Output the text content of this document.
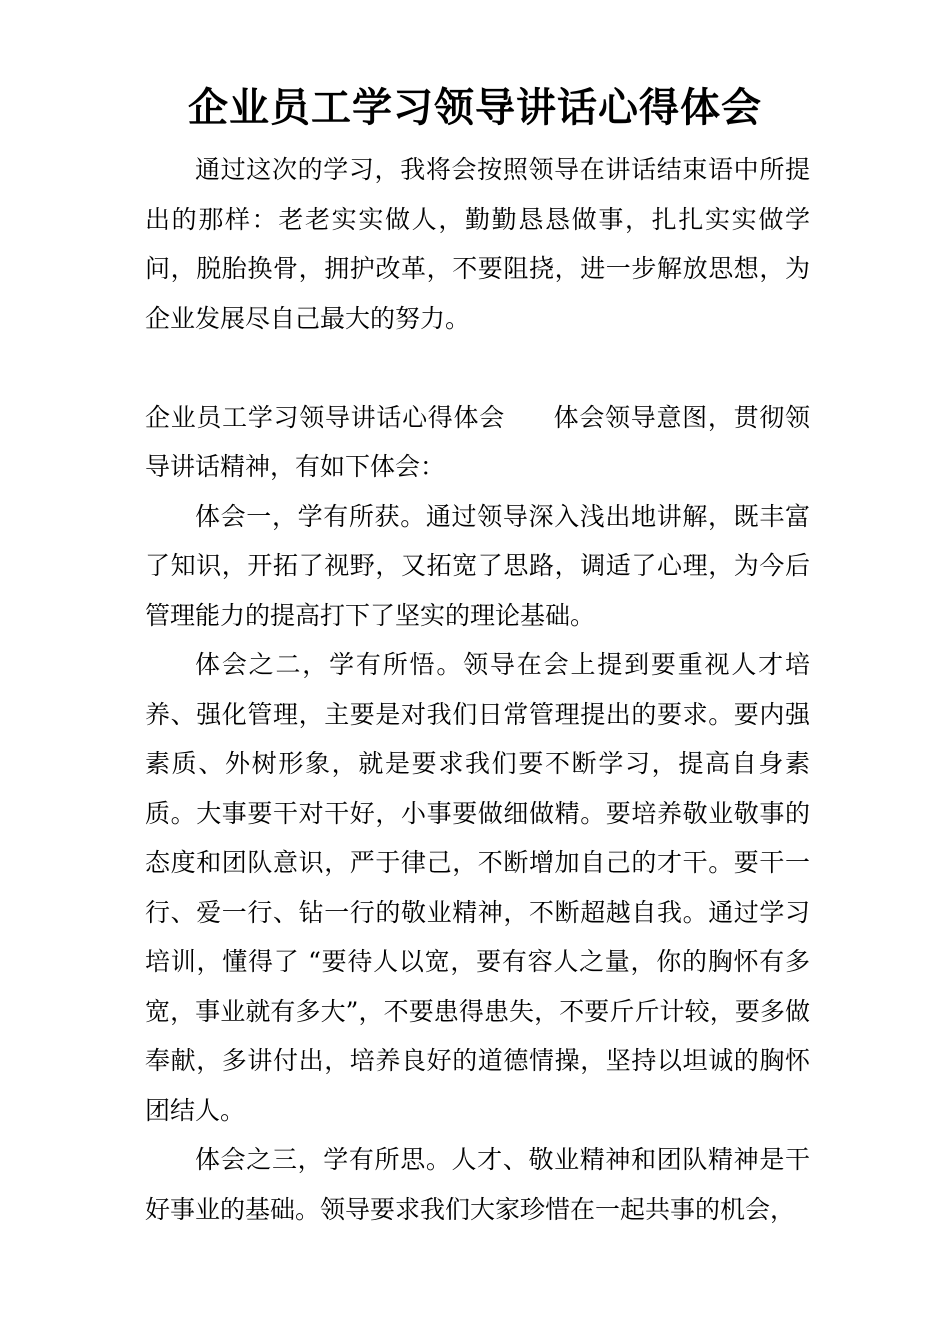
企业员工学习领导讲话心得体会

通过这次的学习，我将会按照领导在讲话结束语中所提出的那样：老老实实做人，勤勤恳恳做事，扎扎实实做学问，脱胎换骨，拥护改革，不要阻挠，进一步解放思想，为企业发展尽自己最大的努力。

企业员工学习领导讲话心得体会 体会领导意图，贯彻领导讲话精神，有如下体会：

体会一，学有所获。通过领导深入浅出地讲解，既丰富了知识，开拓了视野，又拓宽了思路，调适了心理，为今后管理能力的提高打下了坚实的理论基础。

体会之二，学有所悟。领导在会上提到要重视人才培养、强化管理，主要是对我们日常管理提出的要求。要内强素质、外树形象，就是要求我们要不断学习，提高自身素质。大事要干对干好，小事要做细做精。要培养敬业敬事的态度和团队意识，严于律己，不断增加自己的才干。要干一行、爱一行、钻一行的敬业精神，不断超越自我。通过学习培训，懂得了 “要待人以宽，要有容人之量，你的胸怀有多宽，事业就有多大”，不要患得患失，不要斤斤计较，要多做奉献，多讲付出，培养良好的道德情操，坚持以坦诚的胸怀团结人。

体会之三，学有所思。人才、敬业精神和团队精神是干好事业的基础。领导要求我们大家珍惜在一起共事的机会，
